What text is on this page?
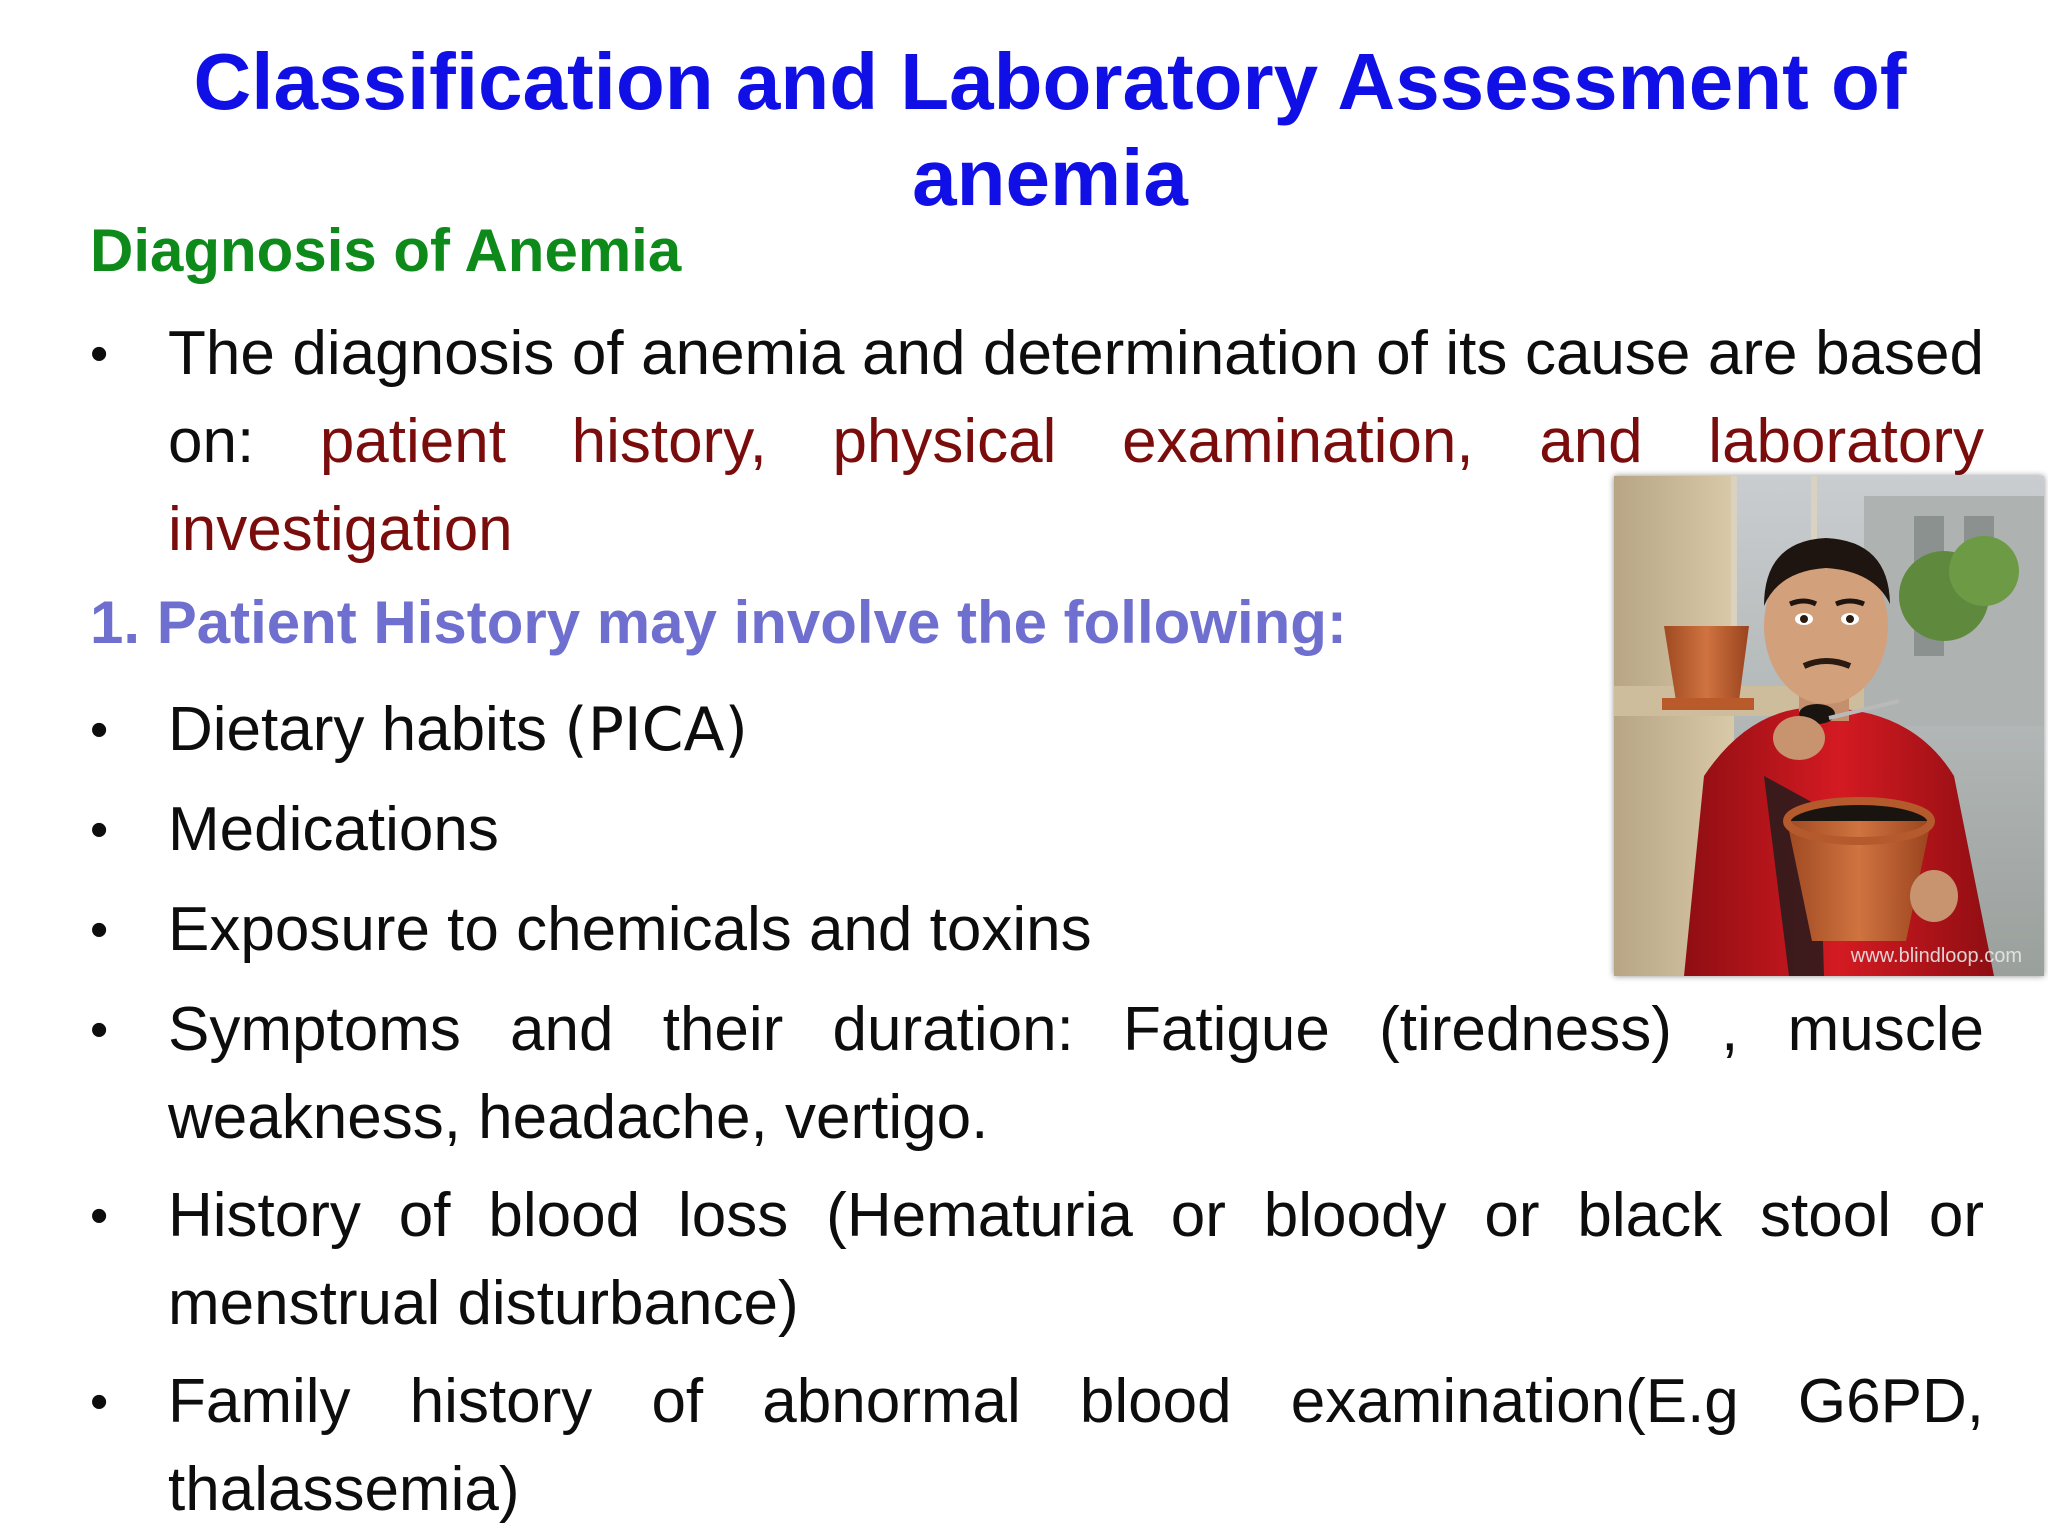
Classification and Laboratory Assessment of
anemia
Diagnosis of Anemia
• The diagnosis of anemia and determination of its cause are based on: patient history, physical examination, and laboratory investigation
1. Patient History may involve the following:
• Dietary habits (PICA)
• Medications
• Exposure to chemicals and toxins
• Symptoms and their duration: Fatigue (tiredness) , muscle weakness, headache, vertigo.
• History of blood loss (Hematuria or bloody or black stool or menstrual disturbance)
• Family history of abnormal blood examination(E.g G6PD, thalassemia)
www.blindloop.com
